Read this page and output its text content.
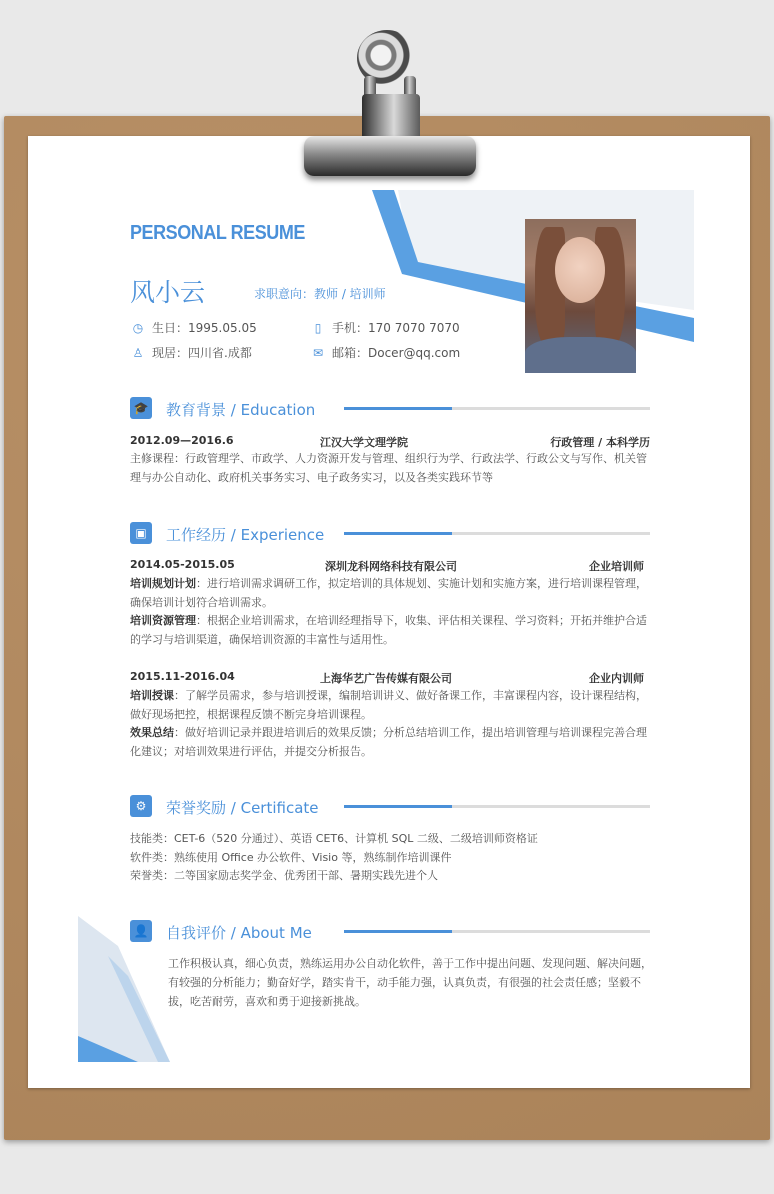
PERSONAL RESUME
风小云	求职意向：教师 / 培训师
◷ 生日：1995.05.05	▯ 手机：170 7070 7070
♙ 现居：四川省.成都	✉ 邮箱：Docer@qq.com
🎓 教育背景 / Education
2012.09—2016.6	江汉大学文理学院	行政管理 / 本科学历
主修课程：行政管理学、市政学、人力资源开发与管理、组织行为学、行政法学、行政公文与写作、机关管理与办公自动化、政府机关事务实习、电子政务实习，以及各类实践环节等
▣	工作经历 / Experience
2014.05-2015.05	深圳龙科网络科技有限公司	企业培训师
培训规划计划：进行培训需求调研工作，拟定培训的具体规划、实施计划和实施方案，进行培训课程管理，确保培训计划符合培训需求。
培训资源管理：根据企业培训需求，在培训经理指导下，收集、评估相关课程、学习资料；开拓并维护合适的学习与培训渠道，确保培训资源的丰富性与适用性。
2015.11-2016.04	上海华艺广告传媒有限公司	企业内训师
培训授课：了解学员需求，参与培训授课，编制培训讲义、做好备课工作，丰富课程内容，设计课程结构，做好现场把控，根据课程反馈不断完身培训课程。
效果总结：做好培训记录并跟进培训后的效果反馈；分析总结培训工作，提出培训管理与培训课程完善合理化建议；对培训效果进行评估，并提交分析报告。
⚙	荣誉奖励 / Certificate
技能类：CET-6（520 分通过）、英语 CET6、计算机 SQL 二级、二级培训师资格证
软件类：熟练使用 Office 办公软件、Visio 等，熟练制作培训课件
荣誉类：二等国家励志奖学金、优秀团干部、暑期实践先进个人
👤 自我评价 / About Me
工作积极认真，细心负责，熟练运用办公自动化软件，善于工作中提出问题、发现问题、解决问题，有较强的分析能力；勤奋好学，踏实肯干，动手能力强，认真负责，有很强的社会责任感；坚毅不拔，吃苦耐劳，喜欢和勇于迎接新挑战。
